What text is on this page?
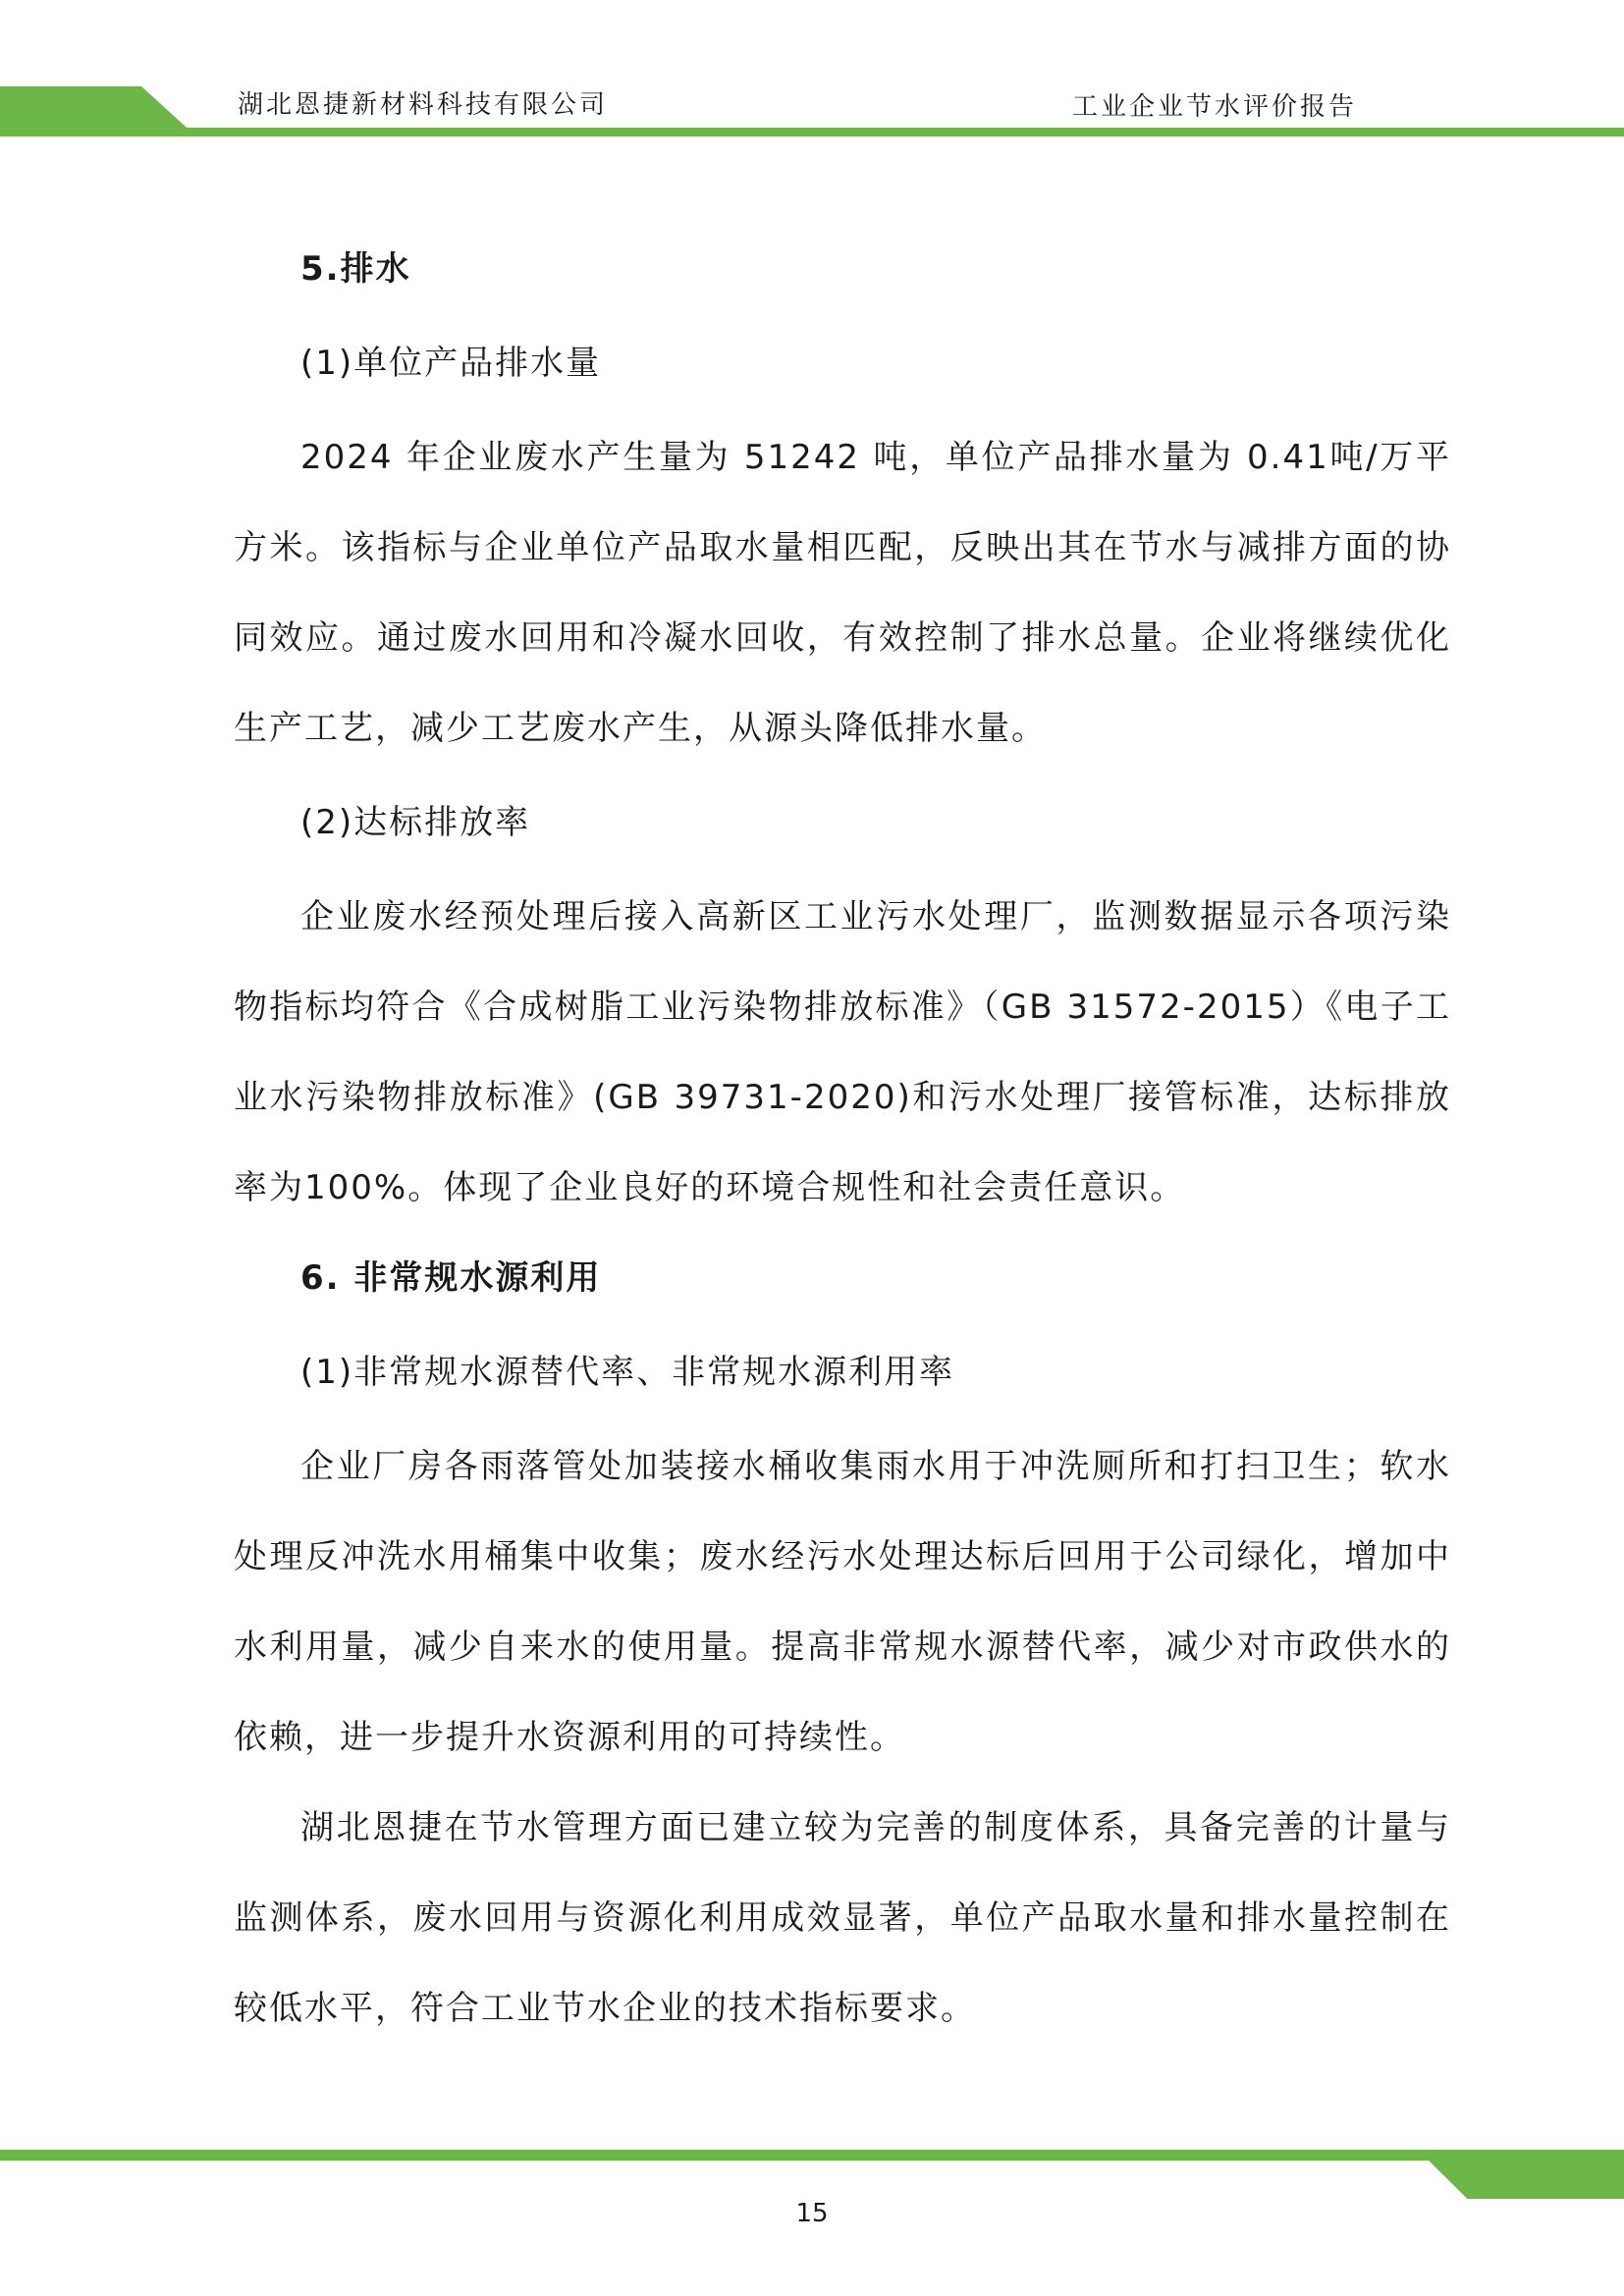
湖北恩捷新材料科技有限公司	工业企业节水评价报告
5.排水
(1)单位产品排水量

2024 年企业废水产生量为 51242 吨，单位产品排水量为 0.41吨/万平方米。该指标与企业单位产品取水量相匹配，反映出其在节水与减排方面的协同效应。通过废水回用和冷凝水回收，有效控制了排水总量。企业将继续优化生产工艺，减少工艺废水产生，从源头降低排水量。

(2)达标排放率

企业废水经预处理后接入高新区工业污水处理厂，监测数据显示各项污染物指标均符合《合成树脂工业污染物排放标准》（GB 31572-2015）《电子工业水污染物排放标准》(GB 39731-2020)和污水处理厂接管标准，达标排放率为100%。体现了企业良好的环境合规性和社会责任意识。

6. 非常规水源利用
(1)非常规水源替代率、非常规水源利用率

企业厂房各雨落管处加装接水桶收集雨水用于冲洗厕所和打扫卫生；软水处理反冲洗水用桶集中收集；废水经污水处理达标后回用于公司绿化，增加中水利用量，减少自来水的使用量。提高非常规水源替代率，减少对市政供水的依赖，进一步提升水资源利用的可持续性。

湖北恩捷在节水管理方面已建立较为完善的制度体系，具备完善的计量与监测体系，废水回用与资源化利用成效显著，单位产品取水量和排水量控制在较低水平，符合工业节水企业的技术指标要求。

15
